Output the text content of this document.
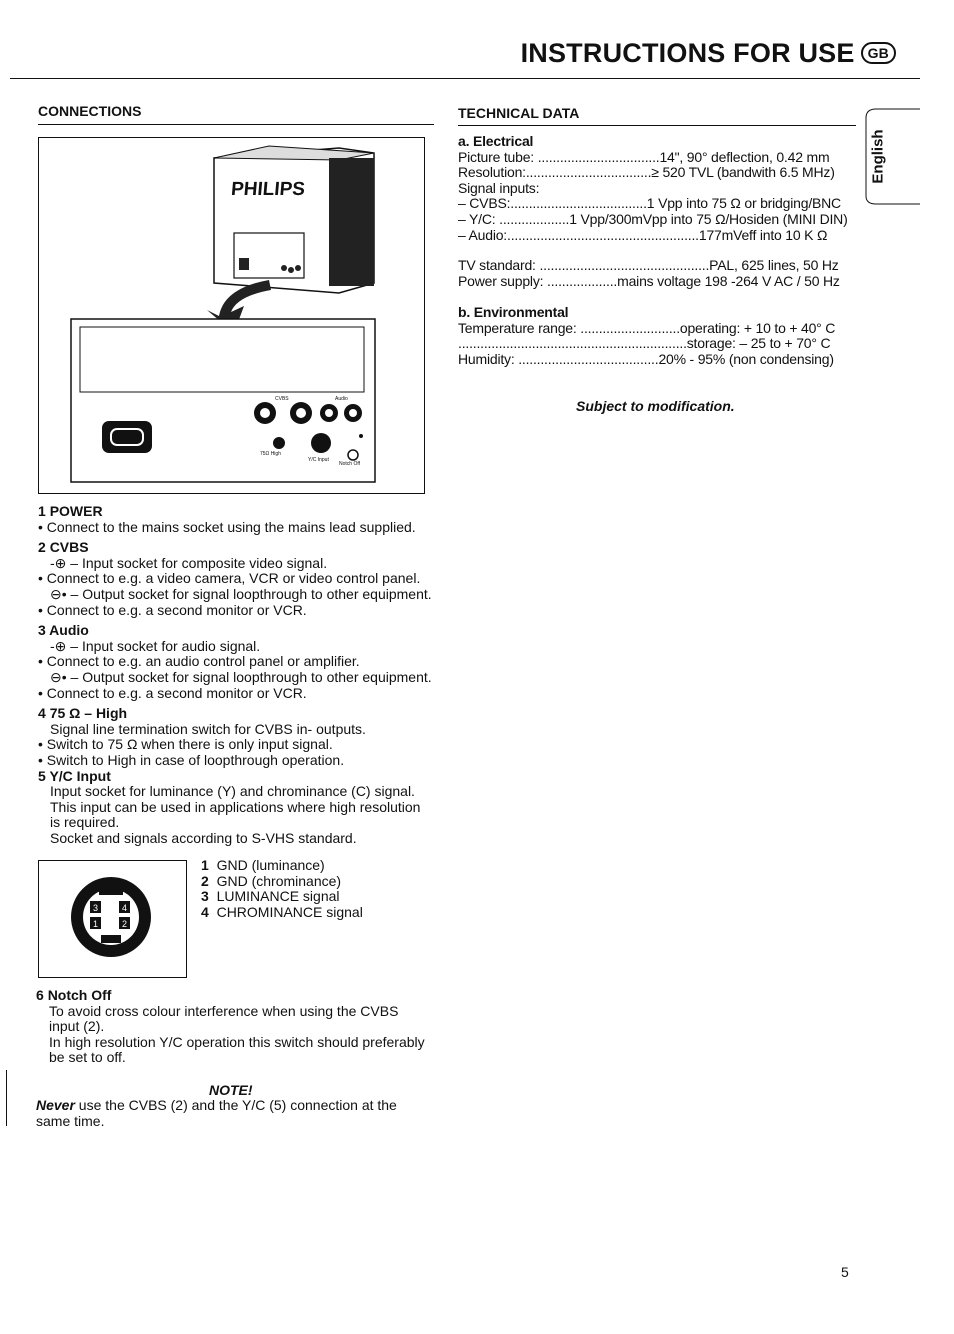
INSTRUCTIONS FOR USE GB
CONNECTIONS
PHILIPS
CVBS	Audio
75Ω High
Y/C Input
Notch Off
1 POWER
• Connect to the mains socket using the mains lead supplied.
2 CVBS
-⊕ – Input socket for composite video signal.
• Connect to e.g. a video camera, VCR or video control panel.
⊖• – Output socket for signal loopthrough to other equipment.
• Connect to e.g. a second monitor or VCR.
3 Audio
-⊕ – Input socket for audio signal.
• Connect to e.g. an audio control panel or amplifier.
⊖• – Output socket for signal loopthrough to other equipment.
• Connect to e.g. a second monitor or VCR.
4 75 Ω – High
Signal line termination switch for CVBS in- outputs.
• Switch to 75 Ω when there is only input signal.
• Switch to High in case of loopthrough operation.
5 Y/C Input
Input socket for luminance (Y) and chrominance (C) signal.
This input can be used in applications where high resolution
is required.
Socket and signals according to S-VHS standard.
3	4
1	2
1 GND (luminance)
2 GND (chrominance)
3 LUMINANCE signal
4 CHROMINANCE signal
6 Notch Off
To avoid cross colour interference when using the CVBS
input (2).
In high resolution Y/C operation this switch should preferably
be set to off.
NOTE!
Never use the CVBS (2) and the Y/C (5) connection at the
same time.
TECHNICAL DATA
a. Electrical
Picture tube: .................................14", 90° deflection, 0.42 mm
Resolution:..................................≥ 520 TVL (bandwith 6.5 MHz)
Signal inputs:
– CVBS:.....................................1 Vpp into 75 Ω or bridging/BNC
– Y/C: ...................1 Vpp/300mVpp into 75 Ω/Hosiden (MINI DIN)
– Audio:....................................................177mVeff into 10 K Ω
TV standard: ..............................................PAL, 625 lines, 50 Hz
Power supply: ...................mains voltage 198 -264 V AC / 50 Hz
b. Environmental
Temperature range: ...........................operating: + 10 to + 40° C
..............................................................storage: – 25 to + 70° C
Humidity: ......................................20% - 95% (non condensing)
Subject to modification.
English
5
